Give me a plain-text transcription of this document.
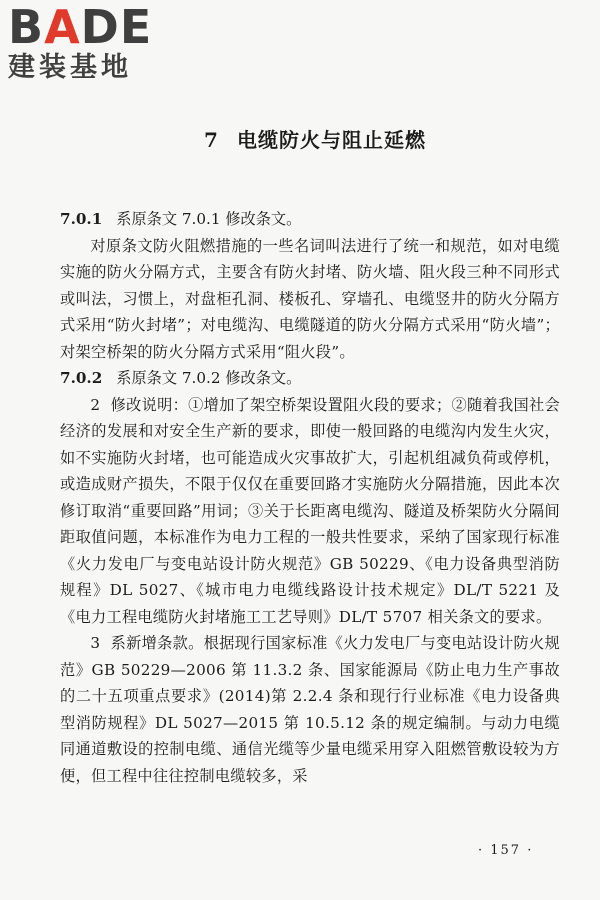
BADE
建装基地
7 电缆防火与阻止延燃

7.0.1 系原条文 7.0.1 修改条文。

对原条文防火阻燃措施的一些名词叫法进行了统一和规范，如对电缆实施的防火分隔方式，主要含有防火封堵、防火墙、阻火段三种不同形式或叫法，习惯上，对盘柜孔洞、楼板孔、穿墙孔、电缆竖井的防火分隔方式采用“防火封堵”；对电缆沟、电缆隧道的防火分隔方式采用“防火墙”；对架空桥架的防火分隔方式采用“阻火段”。

7.0.2 系原条文 7.0.2 修改条文。

2 修改说明：①增加了架空桥架设置阻火段的要求；②随着我国社会经济的发展和对安全生产新的要求，即使一般回路的电缆沟内发生火灾，如不实施防火封堵，也可能造成火灾事故扩大，引起机组减负荷或停机，或造成财产损失，不限于仅仅在重要回路才实施防火分隔措施，因此本次修订取消“重要回路”用词；③关于长距离电缆沟、隧道及桥架防火分隔间距取值问题，本标准作为电力工程的一般共性要求，采纳了国家现行标准《火力发电厂与变电站设计防火规范》GB 50229、《电力设备典型消防规程》DL 5027、《城市电力电缆线路设计技术规定》DL/T 5221 及《电力工程电缆防火封堵施工工艺导则》DL/T 5707 相关条文的要求。

3 系新增条款。根据现行国家标准《火力发电厂与变电站设计防火规范》GB 50229—2006 第 11.3.2 条、国家能源局《防止电力生产事故的二十五项重点要求》(2014)第 2.2.4 条和现行行业标准《电力设备典型消防规程》DL 5027—2015 第 10.5.12 条的规定编制。与动力电缆同通道敷设的控制电缆、通信光缆等少量电缆采用穿入阻燃管敷设较为方便，但工程中往往控制电缆较多，采

· 157 ·
